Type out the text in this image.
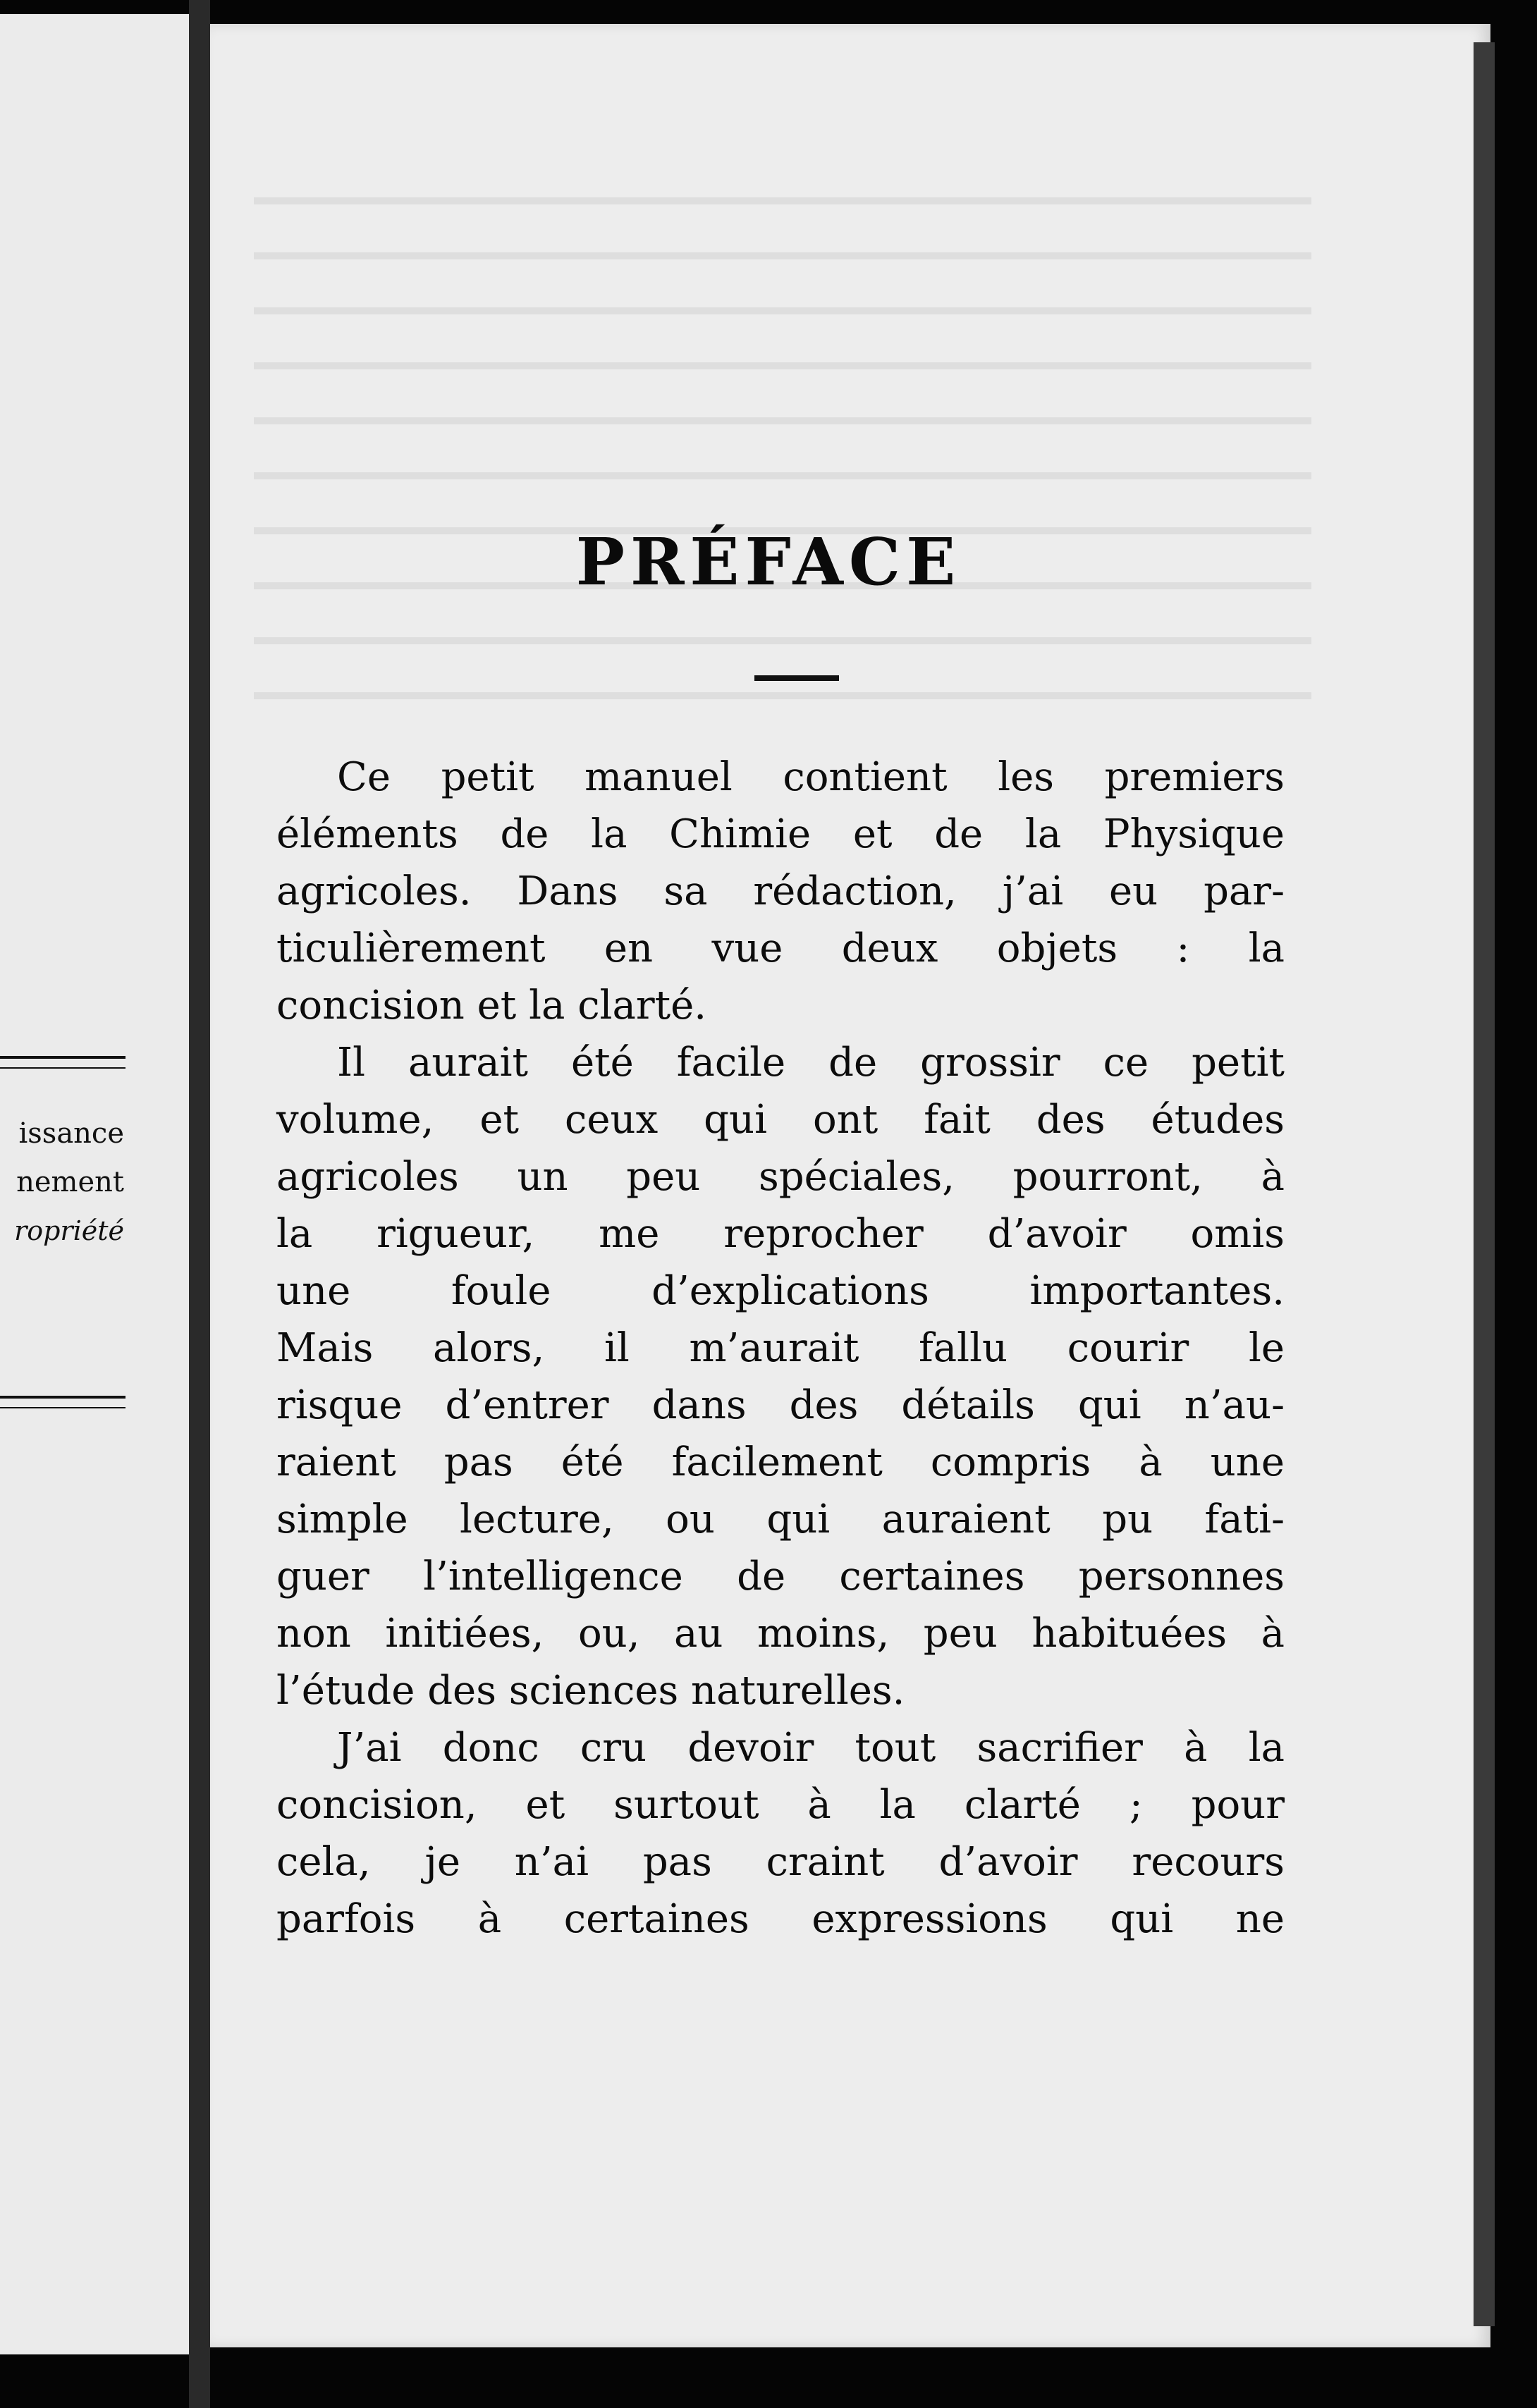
issance
nement
ropriété
PRÉFACE
Ce petit manuel contient les premiers
éléments de la Chimie et de la Physique
agricoles. Dans sa rédaction, j’ai eu par-
ticulièrement en vue deux objets : la
concision et la clarté.
Il aurait été facile de grossir ce petit
volume, et ceux qui ont fait des études
agricoles un peu spéciales, pourront, à
la rigueur, me reprocher d’avoir omis
une foule d’explications importantes.
Mais alors, il m’aurait fallu courir le
risque d’entrer dans des détails qui n’au-
raient pas été facilement compris à une
simple lecture, ou qui auraient pu fati-
guer l’intelligence de certaines personnes
non initiées, ou, au moins, peu habituées à
l’étude des sciences naturelles.
J’ai donc cru devoir tout sacrifier à la
concision, et surtout à la clarté ; pour
cela, je n’ai pas craint d’avoir recours
parfois à certaines expressions qui ne
